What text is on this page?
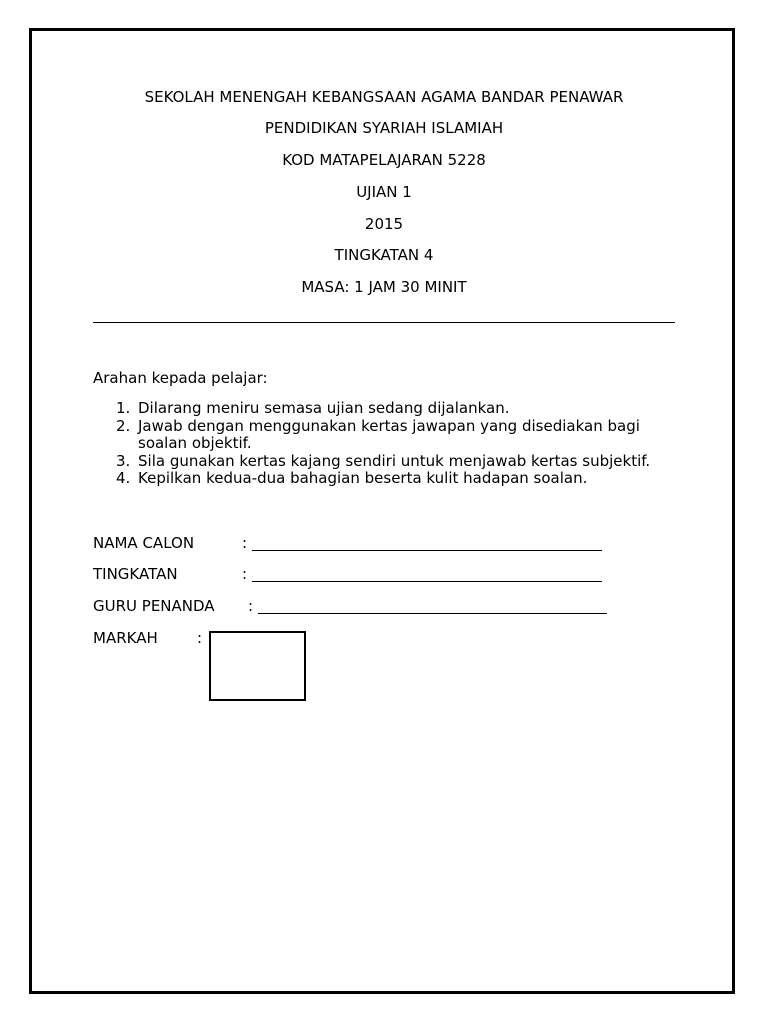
SEKOLAH MENENGAH KEBANGSAAN AGAMA BANDAR PENAWAR
PENDIDIKAN SYARIAH ISLAMIAH
KOD MATAPELAJARAN 5228
UJIAN 1
2015
TINGKATAN 4
MASA: 1 JAM 30 MINIT
Arahan kepada pelajar:
1. Dilarang meniru semasa ujian sedang dijalankan.
2. Jawab dengan menggunakan kertas jawapan yang disediakan bagi soalan objektif.
3. Sila gunakan kertas kajang sendiri untuk menjawab kertas subjektif.
4. Kepilkan kedua-dua bahagian beserta kulit hadapan soalan.
NAMA CALON	:
TINGKATAN	:
GURU PENANDA :
MARKAH	:
